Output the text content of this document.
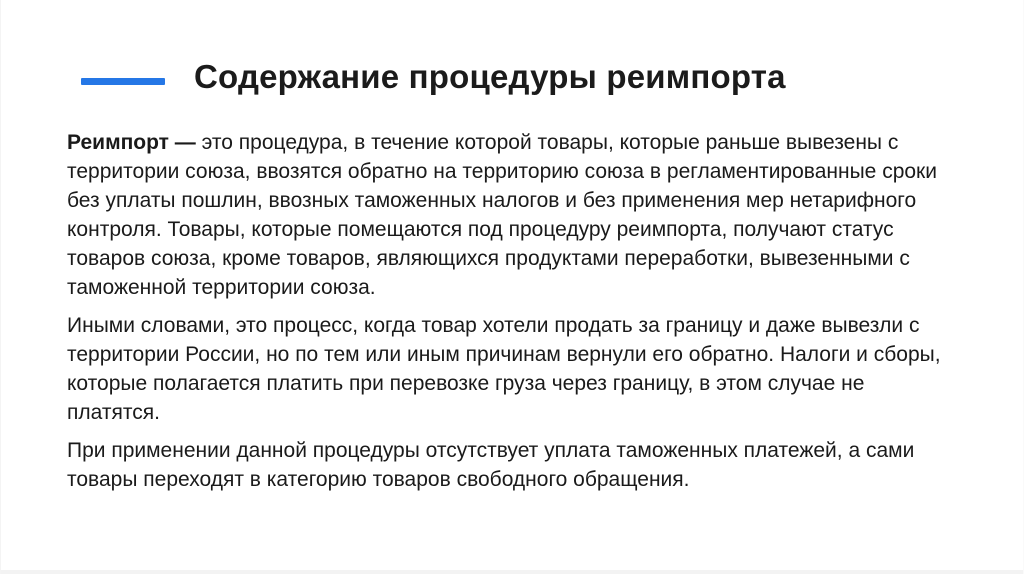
Содержание процедуры реимпорта

Реимпорт — это процедура, в течение которой товары, которые раньше вывезены с территории союза, ввозятся обратно на территорию союза в регламентированные сроки без уплаты пошлин, ввозных таможенных налогов и без применения мер нетарифного контроля. Товары, которые помещаются под процедуру реимпорта, получают статус товаров союза, кроме товаров, являющихся продуктами переработки, вывезенными с таможенной территории союза.

Иными словами, это процесс, когда товар хотели продать за границу и даже вывезли с территории России, но по тем или иным причинам вернули его обратно. Налоги и сборы, которые полагается платить при перевозке груза через границу, в этом случае не платятся.

При применении данной процедуры отсутствует уплата таможенных платежей, а сами товары переходят в категорию товаров свободного обращения.
